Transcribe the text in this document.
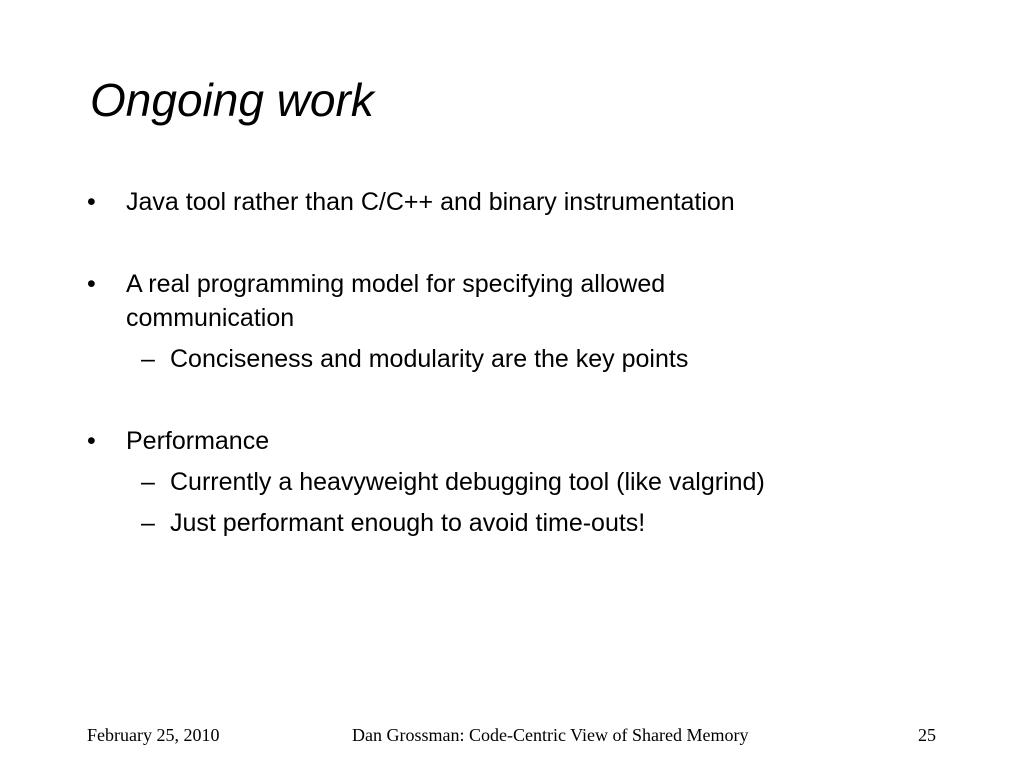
Ongoing work
•	Java tool rather than C/C++ and binary instrumentation
•	A real programming model for specifying allowed
communication
– Conciseness and modularity are the key points
•	Performance
– Currently a heavyweight debugging tool (like valgrind)
– Just performant enough to avoid time-outs!
February 25, 2010	Dan Grossman: Code-Centric View of Shared Memory	25
